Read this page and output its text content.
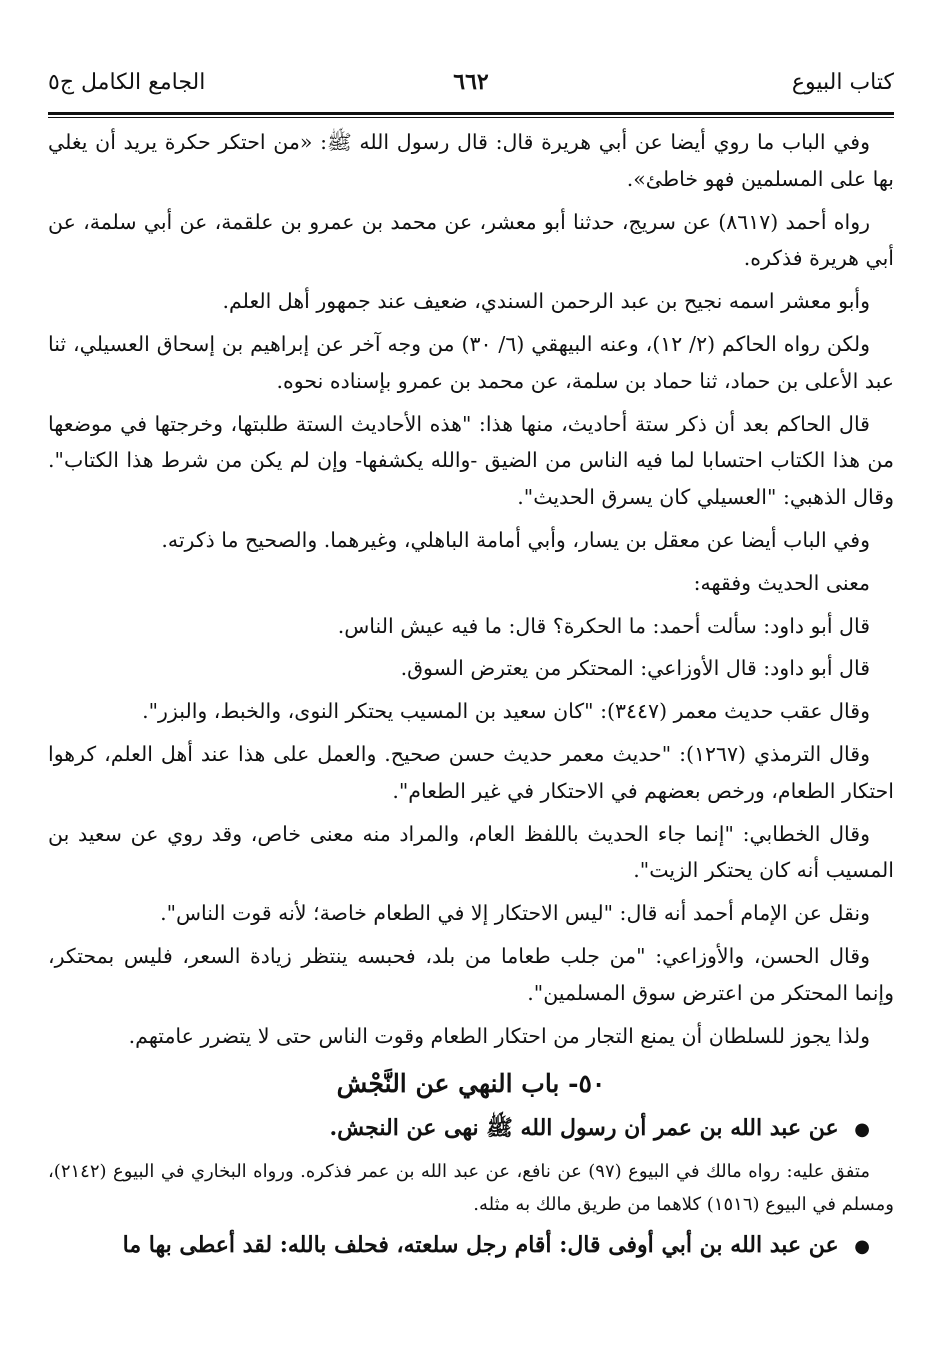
كتاب البيوع
٦٦٢
الجامع الكامل ج٥

وفي الباب ما روي أيضا عن أبي هريرة قال: قال رسول الله ﷺ: «من احتكر حكرة يريد أن يغلي بها على المسلمين فهو خاطئ».

رواه أحمد (٨٦١٧) عن سريج، حدثنا أبو معشر، عن محمد بن عمرو بن علقمة، عن أبي سلمة، عن أبي هريرة فذكره.

وأبو معشر اسمه نجيح بن عبد الرحمن السندي، ضعيف عند جمهور أهل العلم.

ولكن رواه الحاكم (٢/ ١٢)، وعنه البيهقي (٦/ ٣٠) من وجه آخر عن إبراهيم بن إسحاق العسيلي، ثنا عبد الأعلى بن حماد، ثنا حماد بن سلمة، عن محمد بن عمرو بإسناده نحوه.

قال الحاكم بعد أن ذكر ستة أحاديث، منها هذا: "هذه الأحاديث الستة طلبتها، وخرجتها في موضعها من هذا الكتاب احتسابا لما فيه الناس من الضيق -والله يكشفها- وإن لم يكن من شرط هذا الكتاب". وقال الذهبي: "العسيلي كان يسرق الحديث".

وفي الباب أيضا عن معقل بن يسار، وأبي أمامة الباهلي، وغيرهما. والصحيح ما ذكرته.

معنى الحديث وفقهه:

قال أبو داود: سألت أحمد: ما الحكرة؟ قال: ما فيه عيش الناس.

قال أبو داود: قال الأوزاعي: المحتكر من يعترض السوق.

وقال عقب حديث معمر (٣٤٤٧): "كان سعيد بن المسيب يحتكر النوى، والخبط، والبزر".

وقال الترمذي (١٢٦٧): "حديث معمر حديث حسن صحيح. والعمل على هذا عند أهل العلم، كرهوا احتكار الطعام، ورخص بعضهم في الاحتكار في غير الطعام".

وقال الخطابي: "إنما جاء الحديث باللفظ العام، والمراد منه معنى خاص، وقد روي عن سعيد بن المسيب أنه كان يحتكر الزيت".

ونقل عن الإمام أحمد أنه قال: "ليس الاحتكار إلا في الطعام خاصة؛ لأنه قوت الناس".

وقال الحسن، والأوزاعي: "من جلب طعاما من بلد، فحبسه ينتظر زيادة السعر، فليس بمحتكر، وإنما المحتكر من اعترض سوق المسلمين".

ولذا يجوز للسلطان أن يمنع التجار من احتكار الطعام وقوت الناس حتى لا يتضرر عامتهم.

٥٠- باب النهي عن النَّجْش

● عن عبد الله بن عمر أن رسول الله ﷺ نهى عن النجش.

متفق عليه: رواه مالك في البيوع (٩٧) عن نافع، عن عبد الله بن عمر فذكره. ورواه البخاري في البيوع (٢١٤٢)، ومسلم في البيوع (١٥١٦) كلاهما من طريق مالك به مثله.

● عن عبد الله بن أبي أوفى قال: أقام رجل سلعته، فحلف بالله: لقد أعطى بها ما
